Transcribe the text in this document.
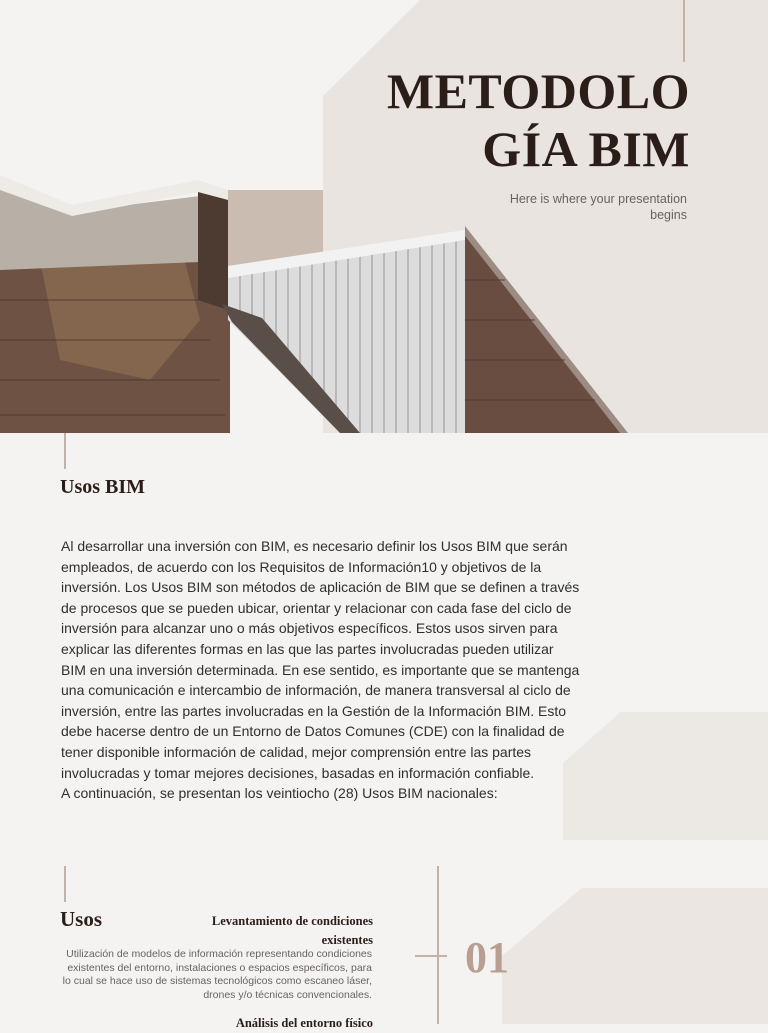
METODOLO GÍA BIM
Here is where your presentation begins
Usos BIM

Al desarrollar una inversión con BIM, es necesario definir los Usos BIM que serán empleados, de acuerdo con los Requisitos de Información10 y objetivos de la inversión. Los Usos BIM son métodos de aplicación de BIM que se definen a través de procesos que se pueden ubicar, orientar y relacionar con cada fase del ciclo de inversión para alcanzar uno o más objetivos específicos. Estos usos sirven para explicar las diferentes formas en las que las partes involucradas pueden utilizar BIM en una inversión determinada. En ese sentido, es importante que se mantenga una comunicación e intercambio de información, de manera transversal al ciclo de inversión, entre las partes involucradas en la Gestión de la Información BIM. Esto debe hacerse dentro de un Entorno de Datos Comunes (CDE) con la finalidad de tener disponible información de calidad, mejor comprensión entre las partes involucradas y tomar mejores decisiones, basadas en información confiable.

A continuación, se presentan los veintiocho (28) Usos BIM nacionales:

Usos	Levantamiento de condiciones existentes
Utilización de modelos de información representando condiciones existentes del entorno, instalaciones o espacios específicos, para lo cual se hace uso de sistemas tecnológicos como escaneo láser, drones y/o técnicas convencionales.
01
Análisis del entorno físico
